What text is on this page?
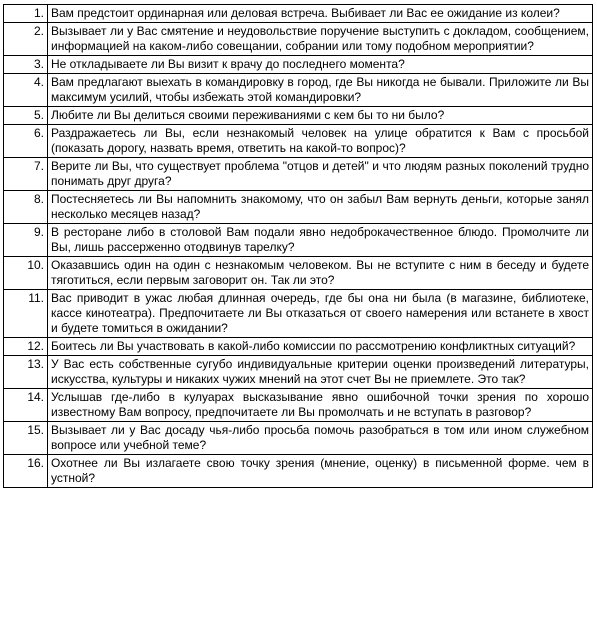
1.	Вам предстоит ординарная или деловая встреча. Выбивает ли Вас ее ожидание из колеи?
2.	Вызывает ли у Вас смятение и неудовольствие поручение выступить с докладом, сообщением, информацией на каком-либо совещании, собрании или тому подобном мероприятии?
3.	Не откладываете ли Вы визит к врачу до последнего момента?
4.	Вам предлагают выехать в командировку в город, где Вы никогда не бывали. Приложите ли Вы максимум усилий, чтобы избежать этой командировки?
5.	Любите ли Вы делиться своими переживаниями с кем бы то ни было?
6.	Раздражаетесь ли Вы, если незнакомый человек на улице обратится к Вам с просьбой (показать дорогу, назвать время, ответить на какой-то вопрос)?
7.	Верите ли Вы, что существует проблема "отцов и детей" и что людям разных поколений трудно понимать друг друга?
8.	Постесняетесь ли Вы напомнить знакомому, что он забыл Вам вернуть деньги, которые занял несколько месяцев назад?
9.	В ресторане либо в столовой Вам подали явно недоброкачественное блюдо. Промолчите ли Вы, лишь рассерженно отодвинув тарелку?
10.	Оказавшись один на один с незнакомым человеком. Вы не вступите с ним в беседу и будете тяготиться, если первым заговорит он. Так ли это?
11.	Вас приводит в ужас любая длинная очередь, где бы она ни была (в магазине, библиотеке, кассе кинотеатра). Предпочитаете ли Вы отказаться от своего намерения или встанете в хвост и будете томиться в ожидании?
12.	Боитесь ли Вы участвовать в какой-либо комиссии по рассмотрению конфликтных ситуаций?
13.	У Вас есть собственные сугубо индивидуальные критерии оценки произведений литературы, искусства, культуры и никаких чужих мнений на этот счет Вы не приемлете. Это так?
14.	Услышав где-либо в кулуарах высказывание явно ошибочной точки зрения по хорошо известному Вам вопросу, предпочитаете ли Вы промолчать и не вступать в разговор?
15.	Вызывает ли у Вас досаду чья-либо просьба помочь разобраться в том или ином служебном вопросе или учебной теме?
16.	Охотнее ли Вы излагаете свою точку зрения (мнение, оценку) в письменной форме. чем в устной?
